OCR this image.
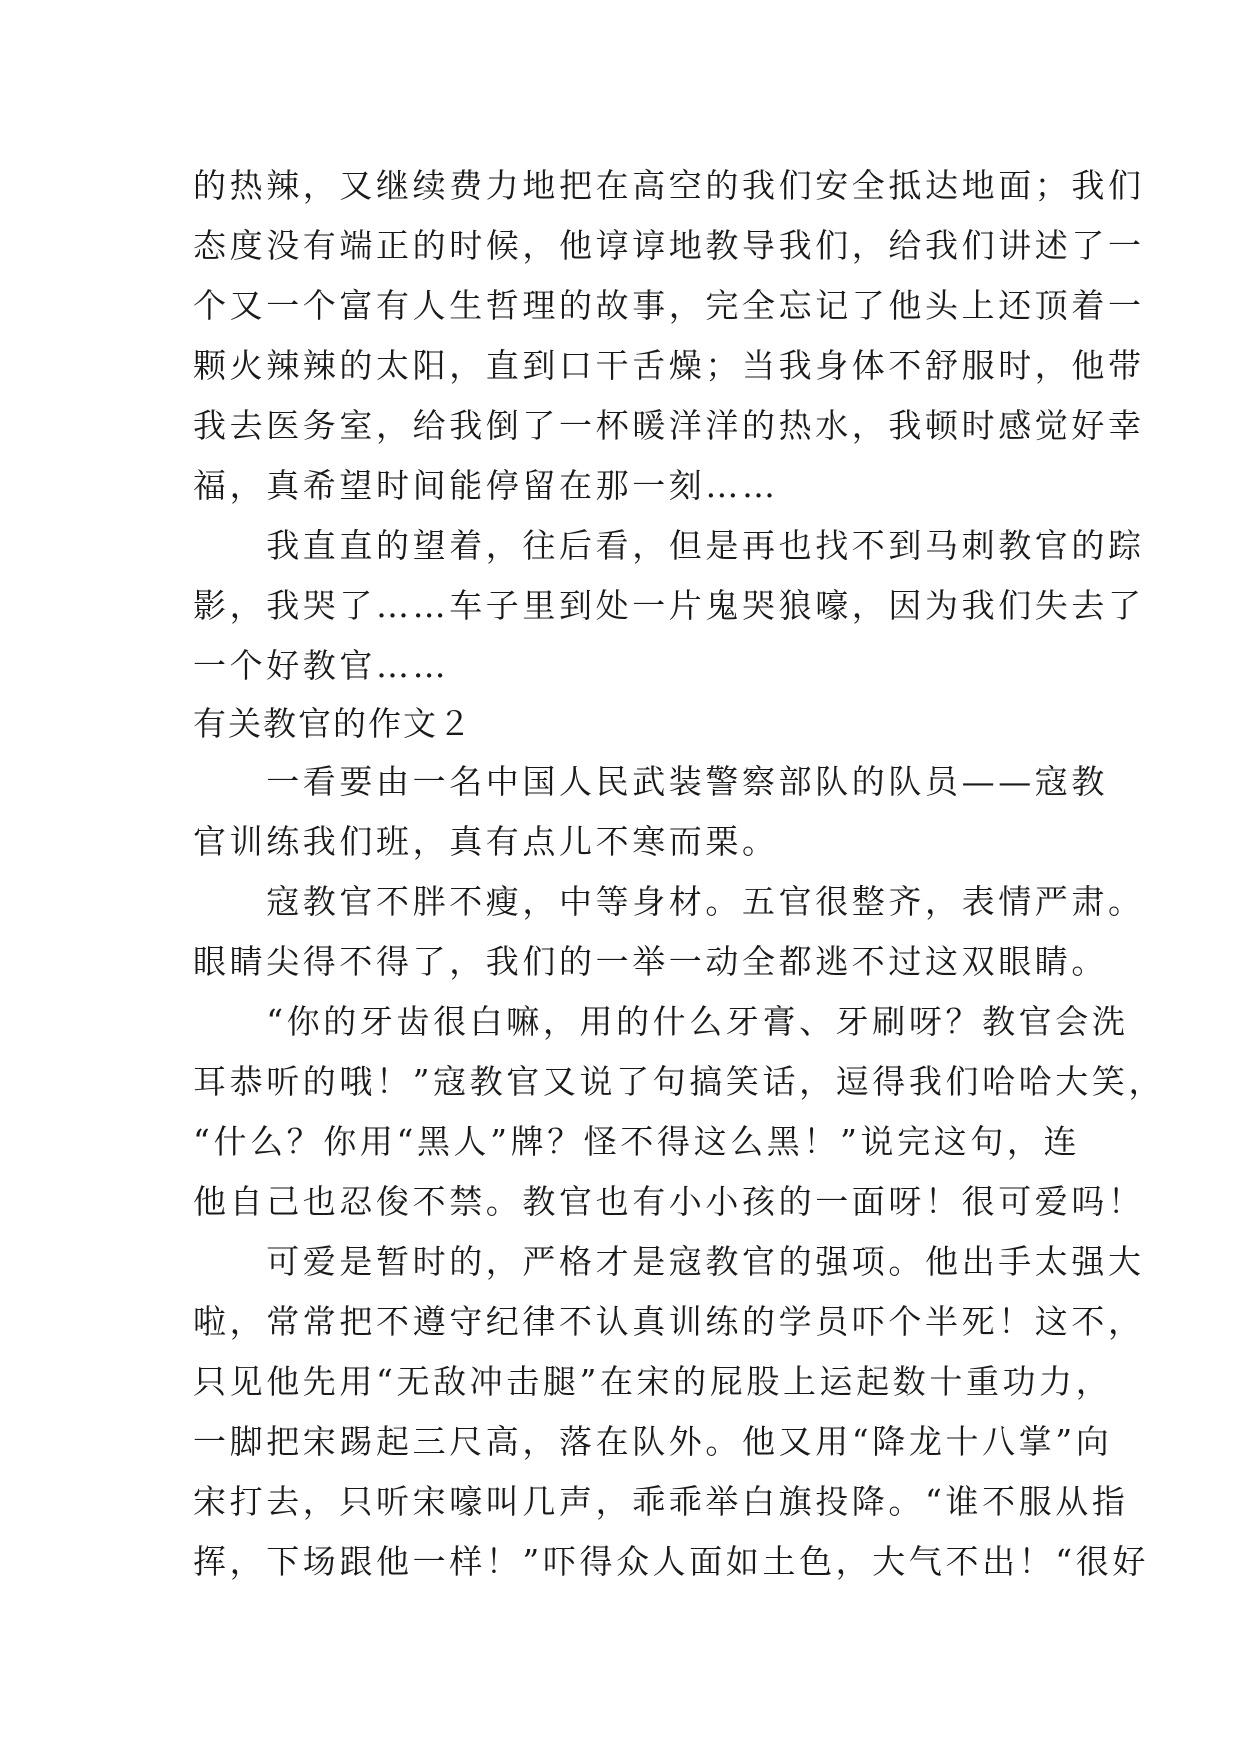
的热辣，又继续费力地把在高空的我们安全抵达地面；我们
态度没有端正的时候，他谆谆地教导我们，给我们讲述了一
个又一个富有人生哲理的故事，完全忘记了他头上还顶着一
颗火辣辣的太阳，直到口干舌燥；当我身体不舒服时，他带
我去医务室，给我倒了一杯暖洋洋的热水，我顿时感觉好幸
福，真希望时间能停留在那一刻……
　　我直直的望着，往后看，但是再也找不到马刺教官的踪
影，我哭了……车子里到处一片鬼哭狼嚎，因为我们失去了
一个好教官……
有关教官的作文２
　　一看要由一名中国人民武装警察部队的队员——寇教
官训练我们班，真有点儿不寒而栗。
　　寇教官不胖不瘦，中等身材。五官很整齐，表情严肃。
眼睛尖得不得了，我们的一举一动全都逃不过这双眼睛。
　　“你的牙齿很白嘛，用的什么牙膏、牙刷呀？教官会洗
耳恭听的哦！”寇教官又说了句搞笑话，逗得我们哈哈大笑，
“什么？你用“黑人”牌？怪不得这么黑！”说完这句，连
他自己也忍俊不禁。教官也有小小孩的一面呀！很可爱吗！
　　可爱是暂时的，严格才是寇教官的强项。他出手太强大
啦，常常把不遵守纪律不认真训练的学员吓个半死！这不，
只见他先用“无敌冲击腿”在宋的屁股上运起数十重功力，
一脚把宋踢起三尺高，落在队外。他又用“降龙十八掌”向
宋打去，只听宋嚎叫几声，乖乖举白旗投降。“谁不服从指
挥，下场跟他一样！”吓得众人面如土色，大气不出！“很好
